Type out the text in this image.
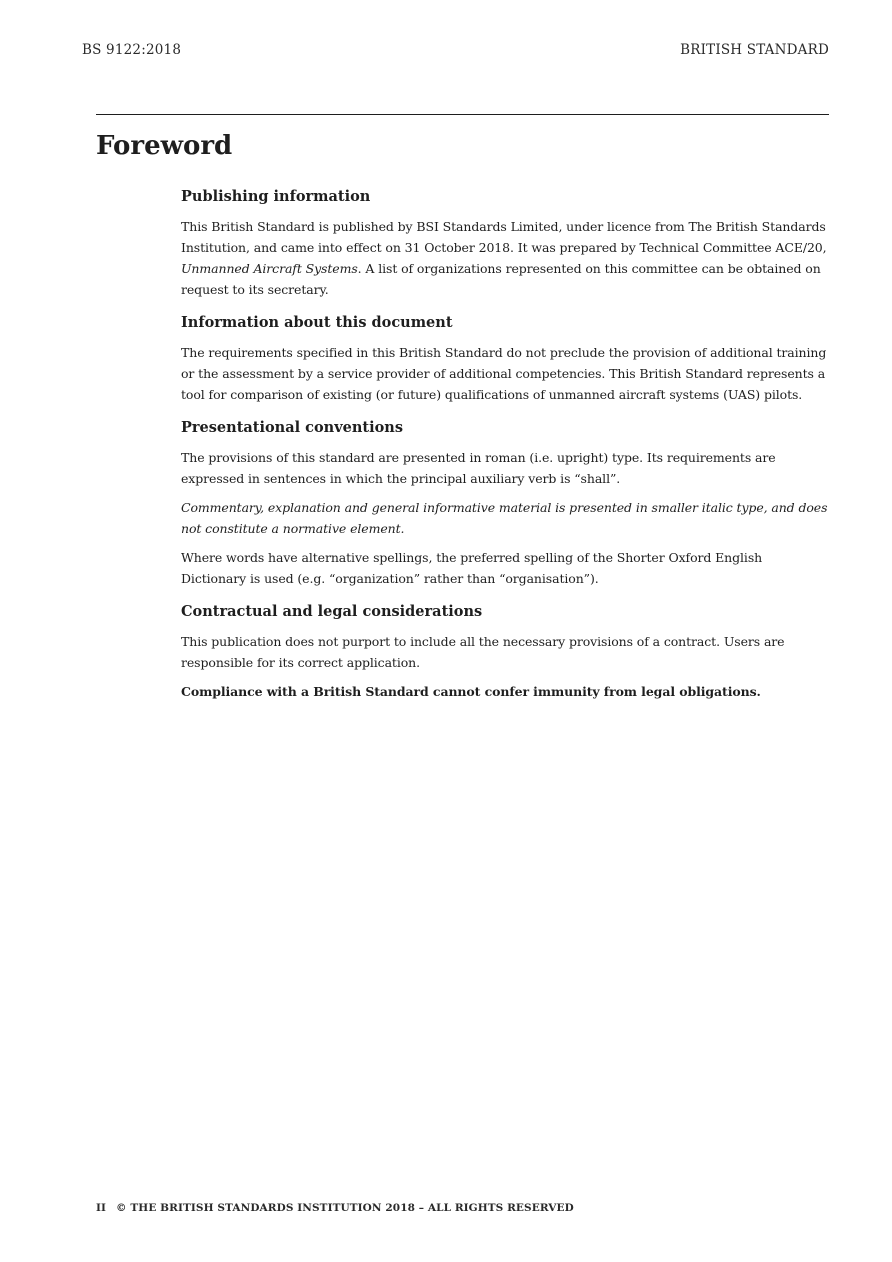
BS 9122:2018	BRITISH STANDARD
Foreword
Publishing information

This British Standard is published by BSI Standards Limited, under licence from The British Standards Institution, and came into effect on 31 October 2018. It was prepared by Technical Committee ACE/20, Unmanned Aircraft Systems. A list of organizations represented on this committee can be obtained on request to its secretary.

Information about this document

The requirements specified in this British Standard do not preclude the provision of additional training or the assessment by a service provider of additional competencies. This British Standard represents a tool for comparison of existing (or future) qualifications of unmanned aircraft systems (UAS) pilots.

Presentational conventions

The provisions of this standard are presented in roman (i.e. upright) type. Its requirements are expressed in sentences in which the principal auxiliary verb is “shall”.

Commentary, explanation and general informative material is presented in smaller italic type, and does not constitute a normative element.

Where words have alternative spellings, the preferred spelling of the Shorter Oxford English Dictionary is used (e.g. “organization” rather than “organisation”).

Contractual and legal considerations

This publication does not purport to include all the necessary provisions of a contract. Users are responsible for its correct application.

Compliance with a British Standard cannot confer immunity from legal obligations.

II © THE BRITISH STANDARDS INSTITUTION 2018 – ALL RIGHTS RESERVED
